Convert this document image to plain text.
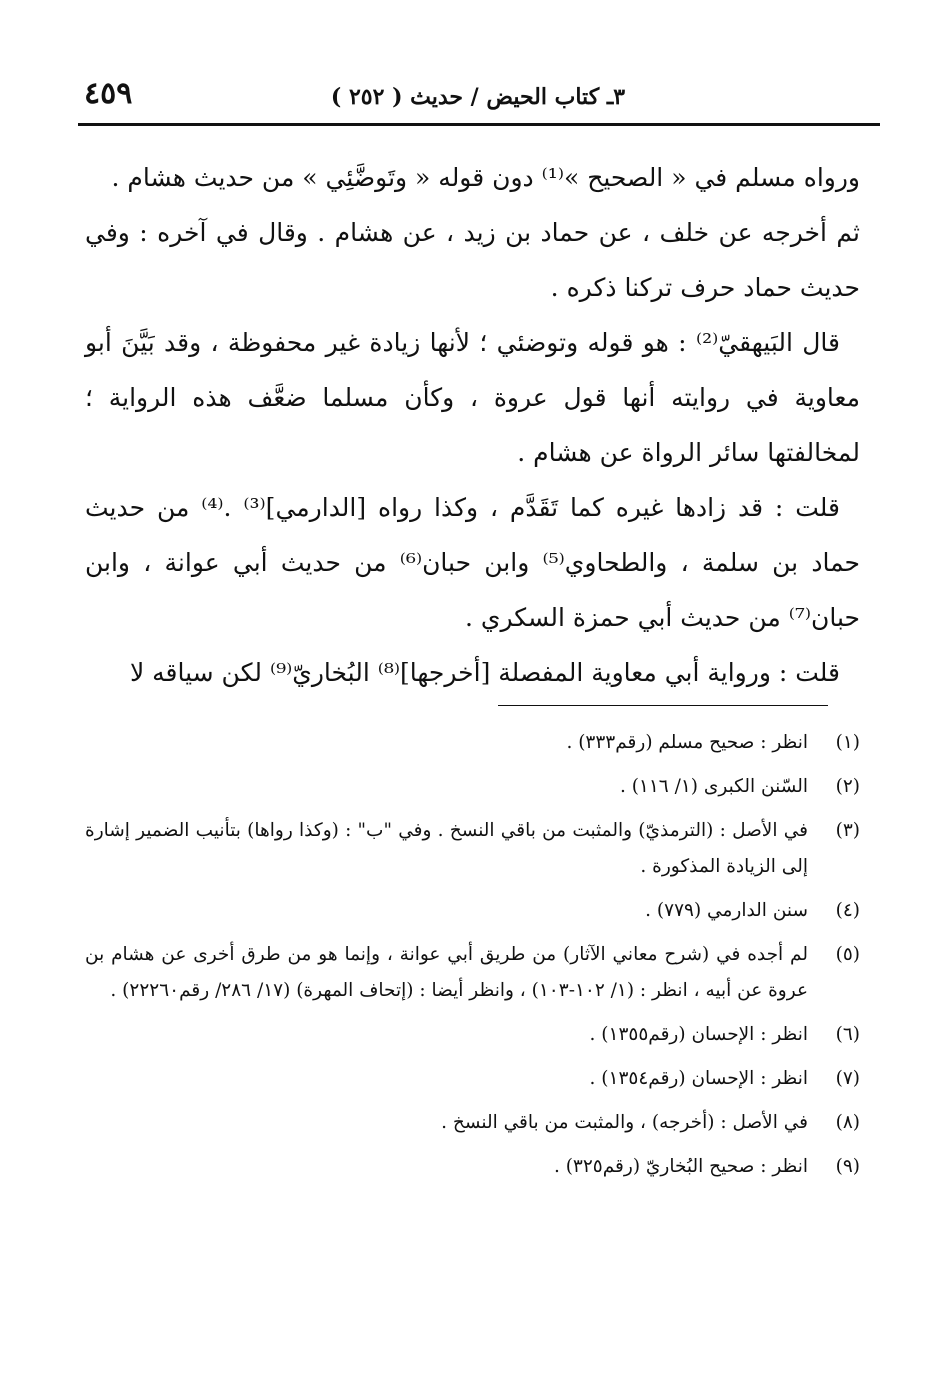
٣ـ كتاب الحيض / حديث ( ٢٥٢ )
٤٥٩

ورواه مسلم في « الصحيح »⁽¹⁾ دون قوله « وتَوضَّئِي » من حديث هشام .

ثم أخرجه عن خلف ، عن حماد بن زيد ، عن هشام . وقال في آخره : وفي حديث حماد حرف تركنا ذكره .

قال البَيهقيّ⁽²⁾ : هو قوله وتوضئي ؛ لأنها زيادة غير محفوظة ، وقد بَيَّنَ أبو معاوية في روايته أنها قول عروة ، وكأن مسلما ضعَّف هذه الرواية ؛ لمخالفتها سائر الرواة عن هشام .

قلت : قد زادها غيره كما تَقَدَّم ، وكذا رواه [الدارمي]⁽³⁾ .⁽⁴⁾ من حديث حماد بن سلمة ، والطحاوي⁽⁵⁾ وابن حبان⁽⁶⁾ من حديث أبي عوانة ، وابن حبان⁽⁷⁾ من حديث أبي حمزة السكري .

قلت : ورواية أبي معاوية المفصلة [أخرجها]⁽⁸⁾ البُخاريّ⁽⁹⁾ لكن سياقه لا

(١)
انظر : صحيح مسلم (رقم٣٣٣) .
(٢)
السّنن الكبرى (١/ ١١٦) .
(٣)
في الأصل : (الترمذيّ) والمثبت من باقي النسخ . وفي "ب" : (وكذا رواها) بتأنيب الضمير إشارة إلى الزيادة المذكورة .
(٤)
سنن الدارمي (٧٧٩) .
(٥)
لم أجده في (شرح معاني الآثار) من طريق أبي عوانة ، وإنما هو من طرق أخرى عن هشام بن عروة عن أبيه ، انظر : (١/ ١٠٢-١٠٣) ، وانظر أيضا : (إتحاف المهرة) (١٧/ ٢٨٦/ رقم٢٢٢٦٠) .
(٦)
انظر : الإحسان (رقم١٣٥٥) .
(٧)
انظر : الإحسان (رقم١٣٥٤) .
(٨)
في الأصل : (أخرجه) ، والمثبت من باقي النسخ .
(٩)
انظر : صحيح البُخاريّ (رقم٣٢٥) .
